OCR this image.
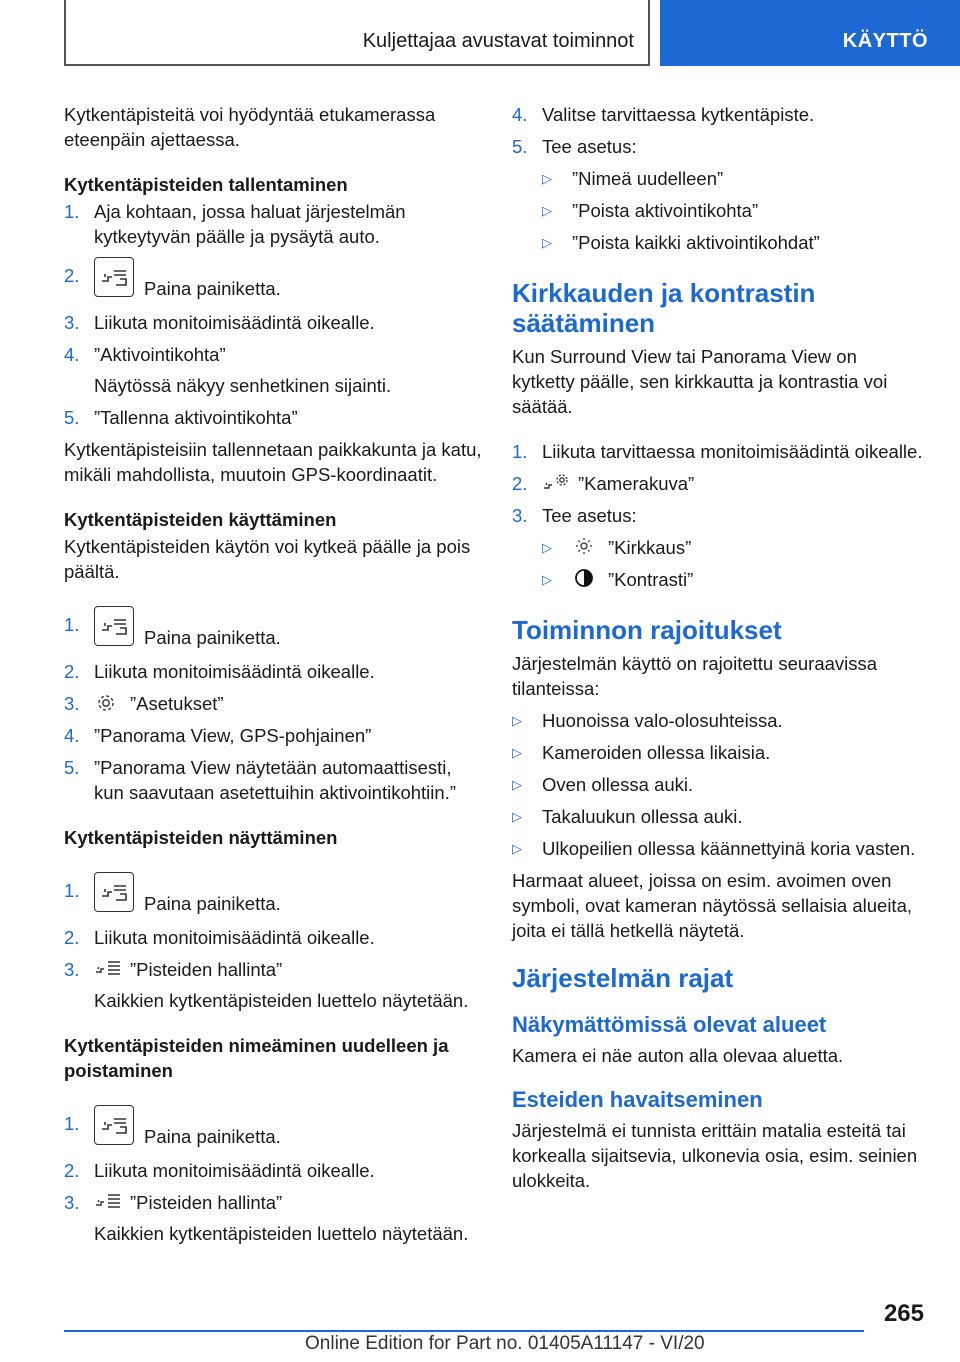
Kuljettajaa avustavat toiminnot	KÄYTTÖ

Kytkentäpisteitä voi hyödyntää etukamerassa eteenpäin ajettaessa.

Kytkentäpisteiden tallentaminen

1. Aja kohtaan, jossa haluat järjestelmän kytkeytyvän päälle ja pysäytä auto.
2.
Paina painiketta.
3. Liikuta monitoimisäädintä oikealle.
4. ”Aktivointikohta”

Näytössä näkyy senhetkinen sijainti.

5. ”Tallenna aktivointikohta”

Kytkentäpisteisiin tallennetaan paikkakunta ja katu, mikäli mahdollista, muutoin GPS-koordinaatit.

Kytkentäpisteiden käyttäminen

Kytkentäpisteiden käytön voi kytkeä päälle ja pois päältä.

1.
Paina painiketta.
2. Liikuta monitoimisäädintä oikealle.
3.	”Asetukset”
4. ”Panorama View, GPS-pohjainen”
5. ”Panorama View näytetään automaattisesti, kun saavutaan asetettuihin aktivointikohtiin.”

Kytkentäpisteiden näyttäminen

1.
Paina painiketta.
2. Liikuta monitoimisäädintä oikealle.
3.	”Pisteiden hallinta”

Kaikkien kytkentäpisteiden luettelo näytetään.

Kytkentäpisteiden nimeäminen uudelleen ja poistaminen

1.
Paina painiketta.
2. Liikuta monitoimisäädintä oikealle.
3.	”Pisteiden hallinta”

Kaikkien kytkentäpisteiden luettelo näytetään.

4. Valitse tarvittaessa kytkentäpiste.
5. Tee asetus:
▷	”Nimeä uudelleen”
▷	”Poista aktivointikohta”
▷	”Poista kaikki aktivointikohdat”
Kirkkauden ja kontrastin säätäminen

Kun Surround View tai Panorama View on kytketty päälle, sen kirkkautta ja kontrastia voi säätää.

1. Liikuta tarvittaessa monitoimisäädintä oikealle.
2.	”Kamerakuva”
3. Tee asetus:
▷	”Kirkkaus”
▷	”Kontrasti”
Toiminnon rajoitukset

Järjestelmän käyttö on rajoitettu seuraavissa tilanteissa:

▷	Huonoissa valo-olosuhteissa.
▷	Kameroiden ollessa likaisia.
▷	Oven ollessa auki.
▷	Takaluukun ollessa auki.
▷	Ulkopeilien ollessa käännettyinä koria vasten.

Harmaat alueet, joissa on esim. avoimen oven symboli, ovat kameran näytössä sellaisia alueita, joita ei tällä hetkellä näytetä.

Järjestelmän rajat
Näkymättömissä olevat alueet

Kamera ei näe auton alla olevaa aluetta.

Esteiden havaitseminen

Järjestelmä ei tunnista erittäin matalia esteitä tai korkealla sijaitsevia, ulkonevia osia, esim. seinien ulokkeita.

265
Online Edition for Part no. 01405A11147 - VI/20
